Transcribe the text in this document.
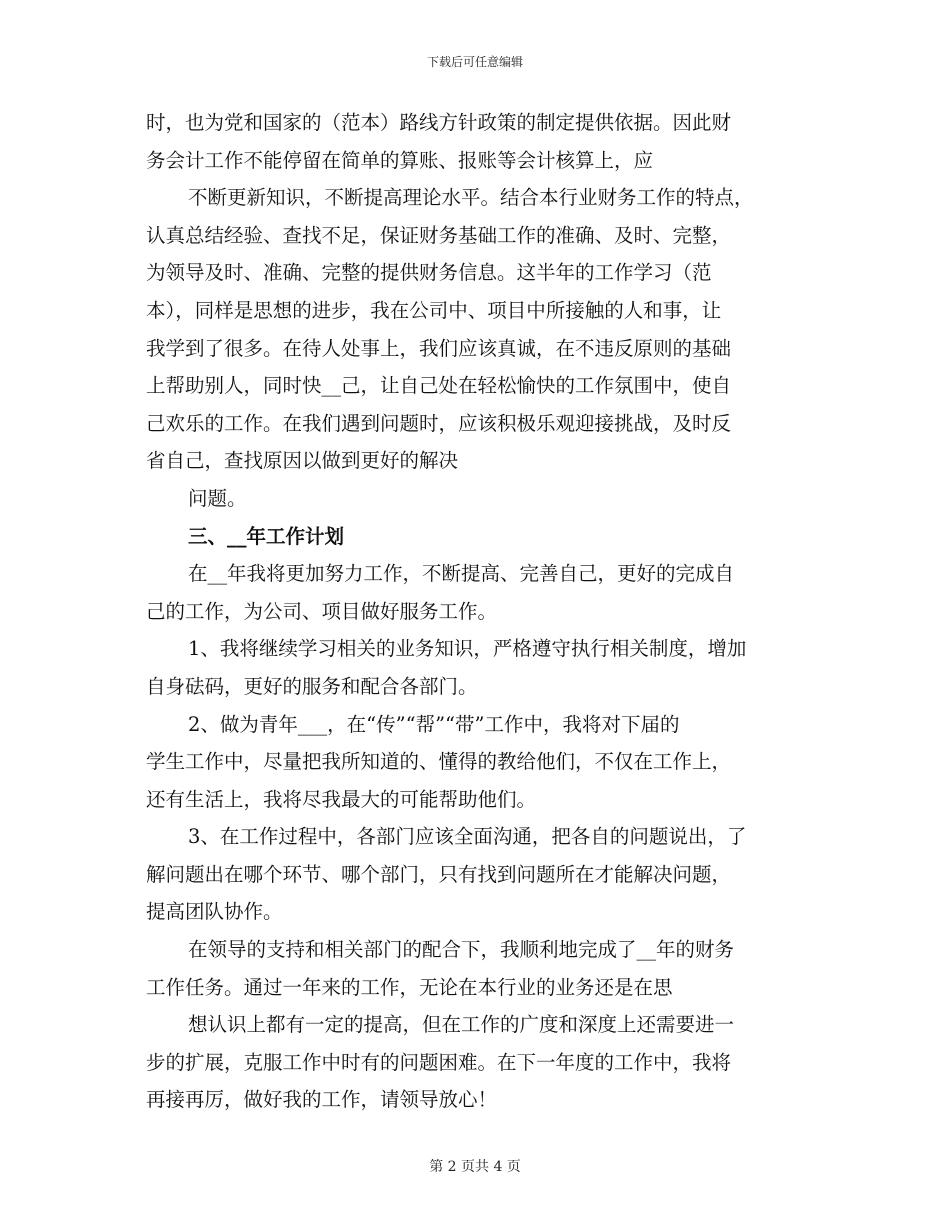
下载后可任意编辑
时，也为党和国家的（范本）路线方针政策的制定提供依据。因此财
务会计工作不能停留在简单的算账、报账等会计核算上，应
不断更新知识，不断提高理论水平。结合本行业财务工作的特点，
认真总结经验、查找不足，保证财务基础工作的准确、及时、完整，
为领导及时、准确、完整的提供财务信息。这半年的工作学习（范
本），同样是思想的进步，我在公司中、项目中所接触的人和事，让
我学到了很多。在待人处事上，我们应该真诚，在不违反原则的基础
上帮助别人，同时快__己，让自己处在轻松愉快的工作氛围中，使自
己欢乐的工作。在我们遇到问题时，应该积极乐观迎接挑战，及时反
省自己，查找原因以做到更好的解决
问题。
三、__年工作计划
在__年我将更加努力工作，不断提高、完善自己，更好的完成自
己的工作，为公司、项目做好服务工作。
1、我将继续学习相关的业务知识，严格遵守执行相关制度，增加
自身砝码，更好的服务和配合各部门。
2、做为青年___，在“传”“帮”“带”工作中，我将对下届的
学生工作中，尽量把我所知道的、懂得的教给他们，不仅在工作上，
还有生活上，我将尽我最大的可能帮助他们。
3、在工作过程中，各部门应该全面沟通，把各自的问题说出，了
解问题出在哪个环节、哪个部门，只有找到问题所在才能解决问题，
提高团队协作。
在领导的支持和相关部门的配合下，我顺利地完成了__年的财务
工作任务。通过一年来的工作，无论在本行业的业务还是在思
想认识上都有一定的提高，但在工作的广度和深度上还需要进一
步的扩展，克服工作中时有的问题困难。在下一年度的工作中，我将
再接再厉，做好我的工作，请领导放心！
第 2 页共 4 页
